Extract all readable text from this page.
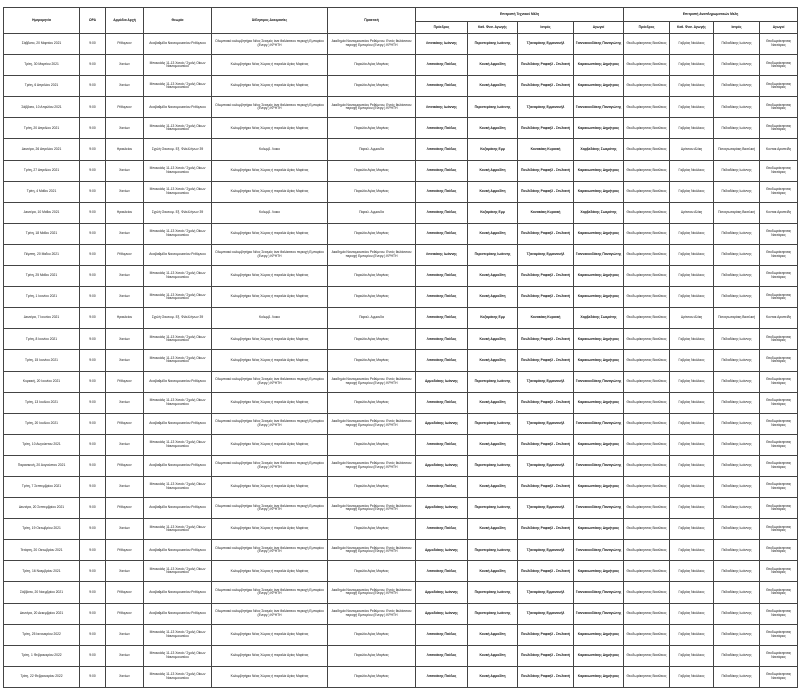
Ημερομηνία	ΩΡΑ	Αρμόδια Αρχή	Θεωρία	Άθλησιμος Δοκιμασίες	Πρακτική	Επιτροπή Τεχνικού Μέλη				Επιτροπή Αναπληρωματικών Μελη			
						Πρόεδρος	Καθ. Φυσ. Αγωγής	Ιατρός	Αγωγοί	Πρόεδρος	Καθ. Φυσ. Αγωγής	Ιατρός	Αγωγοί
Σάββατο, 20 Μαρτίου 2021	9:00	Ρέθυμνον	Αναβαθμίδα Ναυτομουσείου Ρεθύμνου	Ολυμπιακό κολυμβητήριο Νέος Σεισμός άνα θαλάσσιου περιοχή Εμπορίου (Ενεργ.) ΚΡΗΤΗ	Ακαδημία Ναυτομουσείου Ρεθύμνου. Εντός θαλάσσιου περιοχή Εμπορίου (Ενεργ.) ΚΡΗΤΗ	Λιτσικάκης Ιωάννης	Περιστεράκης Ιωάννης	Τζαναράκης Εμμανουήλ	Γιαννακουδάκης Παναγιώτης	Θεοδωράκησσας Βασίλειος	Γαβρίας Νικόλαος	Πεδιαδάκης Ιωάννης	Θεοδωράκησσας Νεκτάριος
Τρίτη, 30 Μαρτίου 2021	9:00	Χανίων	Μπουκάλη 11-13 Χανιά / Σχολή Οίκων Ναυτομουσείου	Κολυμβητήριο Νέας Χώρας ή παραλία Αγίας Μαρίνας	Παραλία Αγίας Μαρίνας	Λιτσικάκης Παύλος	Κουκή Αφροδίτη	Πουλιδάκης Ραφαήλ - Στυλιανή	Καρακωστάκης Δημήτριος	Θεοδωράκησσας Βασίλειος	Γαβρίας Νικόλαος	Πεδιαδάκης Ιωάννης	Θεοδωράκησσας Νεκτάριος
Τρίτη, 6 Απριλίου 2021	9:00	Χανίων	Μπουκάλη 11-13 Χανιά / Σχολή Οίκων Ναυτομουσείου	Κολυμβητήριο Νέας Χώρας ή παραλία Αγίας Μαρίνας	Παραλία Αγίας Μαρίνας	Λιτσικάκης Παύλος	Κουκή Αφροδίτη	Πουλιδάκης Ραφαήλ - Στυλιανή	Καρακωστάκης Δημήτριος	Θεοδωράκησσας Βασίλειος	Γαβρίας Νικόλαος	Πεδιαδάκης Ιωάννης	Θεοδωράκησσας Νεκτάριος
Σάββατο, 10 Απριλίου 2021	9:00	Ρέθυμνον	Αναβαθμίδα Ναυτομουσείου Ρεθύμνου	Ολυμπιακό κολυμβητήριο Νέος Σεισμός άνα θαλάσσιου περιοχή Εμπορίου (Ενεργ.) ΚΡΗΤΗ	Ακαδημία Ναυτομουσείου Ρεθύμνου. Εντός θαλάσσιου περιοχή Εμπορίου (Ενεργ.) ΚΡΗΤΗ	Λιτσικάκης Ιωάννης	Περιστεράκης Ιωάννης	Τζαναράκης Εμμανουήλ	Γιαννακουδάκης Παναγιώτης	Θεοδωράκησσας Βασίλειος	Γαβρίας Νικόλαος	Πεδιαδάκης Ιωάννης	Θεοδωράκησσας Νεκτάριος
Τρίτη, 20 Απριλίου 2021	9:00	Χανίων	Μπουκάλη 11-13 Χανιά / Σχολή Οίκων Ναυτομουσείου	Κολυμβητήριο Νέας Χώρας ή παραλία Αγίας Μαρίνας	Παραλία Αγίας Μαρίνας	Λιτσικάκης Παύλος	Κουκή Αφροδίτη	Πουλιδάκης Ραφαήλ - Στυλιανή	Καρακωστάκης Δημήτριος	Θεοδωράκησσας Βασίλειος	Γαβρίας Νικόλαος	Πεδιαδάκης Ιωάννης	Θεοδωράκησσας Νεκτάριος
Δευτέρα, 26 Απριλίου 2021	9:00	Ηρακλείου	Σχολή Οικονομ. Εξ. Φιλελλήνων 39	Κολυμβ. Λυκιο	Παραλ. Αμμουδα	Λιτσικάκης Παύλος	Καζαράκης Εμμ	Κονακάκη Κυριακή	Χαρβεδάκης Σωκράτης	Θεοδωράκησσας Βασίλειος	Δρίτσιου Αλίκη	Παναγιωταράκη Βασιλική	Κοντακ Αριστείδη
Τρίτη, 27 Απριλίου 2021	9:00	Χανίων	Μπουκάλη 11-13 Χανιά / Σχολή Οίκων Ναυτομουσείου	Κολυμβητήριο Νέας Χώρας ή παραλία Αγίας Μαρίνας	Παραλία Αγίας Μαρίνας	Λιτσικάκης Παύλος	Κουκή Αφροδίτη	Πουλιδάκης Ραφαήλ - Στυλιανή	Καρακωστάκης Δημήτριος	Θεοδωράκησσας Βασίλειος	Γαβρίας Νικόλαος	Πεδιαδάκης Ιωάννης	Θεοδωράκησσας Νεκτάριος
Τρίτη, 4 Μαΐου 2021	9:00	Χανίων	Μπουκάλη 11-13 Χανιά / Σχολή Οίκων Ναυτομουσείου	Κολυμβητήριο Νέας Χώρας ή παραλία Αγίας Μαρίνας	Παραλία Αγίας Μαρίνας	Λιτσικάκης Παύλος	Κουκή Αφροδίτη	Πουλιδάκης Ραφαήλ - Στυλιανή	Καρακωστάκης Δημήτριος	Θεοδωράκησσας Βασίλειος	Γαβρίας Νικόλαος	Πεδιαδάκης Ιωάννης	Θεοδωράκησσας Νεκτάριος
Δευτέρα, 10 Μαΐου 2021	9:00	Ηρακλείου	Σχολή Οικονομ. Εξ. Φιλελλήνων 39	Κολυμβ. Λυκιο	Παραλ. Αμμουδα	Λιτσικάκης Παύλος	Καζαράκης Εμμ	Κονακάκη Κυριακή	Χαρβεδάκης Σωκράτης	Θεοδωράκησσας Βασίλειος	Δρίτσιου Αλίκη	Παναγιωταράκη Βασιλική	Κοντακ Αριστείδη
Τρίτη, 18 Μαΐου 2021	9:00	Χανίων	Μπουκάλη 11-13 Χανιά / Σχολή Οίκων Ναυτομουσείου	Κολυμβητήριο Νέας Χώρας ή παραλία Αγίας Μαρίνας	Παραλία Αγίας Μαρίνας	Λιτσικάκης Παύλος	Κουκή Αφροδίτη	Πουλιδάκης Ραφαήλ - Στυλιανή	Καρακωστάκης Δημήτριος	Θεοδωράκησσας Βασίλειος	Γαβρίας Νικόλαος	Πεδιαδάκης Ιωάννης	Θεοδωράκησσας Νεκτάριος
Πέμπτη, 20 Μαΐου 2021	9:00	Ρέθυμνον	Αναβαθμίδα Ναυτομουσείου Ρεθύμνου	Ολυμπιακό κολυμβητήριο Νέος Σεισμός άνα θαλάσσιου περιοχή Εμπορίου (Ενεργ.) ΚΡΗΤΗ	Ακαδημία Ναυτομουσείου Ρεθύμνου. Εντός θαλάσσιου περιοχή Εμπορίου (Ενεργ.) ΚΡΗΤΗ	Λιτσικάκης Ιωάννης	Περιστεράκης Ιωάννης	Τζαναράκης Εμμανουήλ	Γιαννακουδάκης Παναγιώτης	Θεοδωράκησσας Βασίλειος	Γαβρίας Νικόλαος	Πεδιαδάκης Ιωάννης	Θεοδωράκησσας Νεκτάριος
Τρίτη, 25 Μαΐου 2021	9:00	Χανίων	Μπουκάλη 11-13 Χανιά / Σχολή Οίκων Ναυτομουσείου	Κολυμβητήριο Νέας Χώρας ή παραλία Αγίας Μαρίνας	Παραλία Αγίας Μαρίνας	Λιτσικάκης Παύλος	Κουκή Αφροδίτη	Πουλιδάκης Ραφαήλ - Στυλιανή	Καρακωστάκης Δημήτριος	Θεοδωράκησσας Βασίλειος	Γαβρίας Νικόλαος	Πεδιαδάκης Ιωάννης	Θεοδωράκησσας Νεκτάριος
Τρίτη, 1 Ιουνίου 2021	9:00	Χανίων	Μπουκάλη 11-13 Χανιά / Σχολή Οίκων Ναυτομουσείου	Κολυμβητήριο Νέας Χώρας ή παραλία Αγίας Μαρίνας	Παραλία Αγίας Μαρίνας	Λιτσικάκης Παύλος	Κουκή Αφροδίτη	Πουλιδάκης Ραφαήλ - Στυλιανή	Καρακωστάκης Δημήτριος	Θεοδωράκησσας Βασίλειος	Γαβρίας Νικόλαος	Πεδιαδάκης Ιωάννης	Θεοδωράκησσας Νεκτάριος
Δευτέρα, 7 Ιουνίου 2021	9:00	Ηρακλείου	Σχολή Οικονομ. Εξ. Φιλελλήνων 39	Κολυμβ. Λυκιο	Παραλ. Αμμουδα	Λιτσικάκης Παύλος	Καζαράκης Εμμ	Κονακάκη Κυριακή	Χαρβεδάκης Σωκράτης	Θεοδωράκησσας Βασίλειος	Δρίτσιου Αλίκη	Παναγιωταράκη Βασιλική	Κοντακ Αριστείδη
Τρίτη, 8 Ιουνίου 2021	9:00	Χανίων	Μπουκάλη 11-13 Χανιά / Σχολή Οίκων Ναυτομουσείου	Κολυμβητήριο Νέας Χώρας ή παραλία Αγίας Μαρίνας	Παραλία Αγίας Μαρίνας	Λιτσικάκης Παύλος	Κουκή Αφροδίτη	Πουλιδάκης Ραφαήλ - Στυλιανή	Καρακωστάκης Δημήτριος	Θεοδωράκησσας Βασίλειος	Γαβρίας Νικόλαος	Πεδιαδάκης Ιωάννης	Θεοδωράκησσας Νεκτάριος
Τρίτη, 15 Ιουνίου 2021	9:00	Χανίων	Μπουκάλη 11-13 Χανιά / Σχολή Οίκων Ναυτομουσείου	Κολυμβητήριο Νέας Χώρας ή παραλία Αγίας Μαρίνας	Παραλία Αγίας Μαρίνας	Λιτσικάκης Παύλος	Κουκή Αφροδίτη	Πουλιδάκης Ραφαήλ - Στυλιανή	Καρακωστάκης Δημήτριος	Θεοδωράκησσας Βασίλειος	Γαβρίας Νικόλαος	Πεδιαδάκης Ιωάννης	Θεοδωράκησσας Νεκτάριος
Κυριακή, 20 Ιουνίου 2021	9:00	Ρέθυμνον	Αναβαθμίδα Ναυτομουσείου Ρεθύμνου	Ολυμπιακό κολυμβητήριο Νέος Σεισμός άνα θαλάσσιου περιοχή Εμπορίου (Ενεργ.) ΚΡΗΤΗ	Ακαδημία Ναυτομουσείου Ρεθύμνου. Εντός θαλάσσιου περιοχή Εμπορίου (Ενεργ.) ΚΡΗΤΗ	Αρμοδιάκης Ιωάννης	Περιστεράκης Ιωάννης	Τζαναράκης Εμμανουήλ	Γιαννακουδάκης Παναγιώτης	Θεοδωράκησσας Βασίλειος	Γαβρίας Νικόλαος	Πεδιαδάκης Ιωάννης	Θεοδωράκησσας Νεκτάριος
Τρίτη, 13 Ιουλίου 2021	9:00	Χανίων	Μπουκάλη 11-13 Χανιά / Σχολή Οίκων Ναυτομουσείου	Κολυμβητήριο Νέας Χώρας ή παραλία Αγίας Μαρίνας	Παραλία Αγίας Μαρίνας	Λιτσικάκης Παύλος	Κουκή Αφροδίτη	Πουλιδάκης Ραφαήλ - Στυλιανή	Καρακωστάκης Δημήτριος	Θεοδωράκησσας Βασίλειος	Γαβρίας Νικόλαος	Πεδιαδάκης Ιωάννης	Θεοδωράκησσας Νεκτάριος
Τρίτη, 20 Ιουλίου 2021	9:00	Ρέθυμνον	Αναβαθμίδα Ναυτομουσείου Ρεθύμνου	Ολυμπιακό κολυμβητήριο Νέος Σεισμός άνα θαλάσσιου περιοχή Εμπορίου (Ενεργ.) ΚΡΗΤΗ	Ακαδημία Ναυτομουσείου Ρεθύμνου. Εντός θαλάσσιου περιοχή Εμπορίου (Ενεργ.) ΚΡΗΤΗ	Αρμοδιάκης Ιωάννης	Περιστεράκης Ιωάννης	Τζαναράκης Εμμανουήλ	Γιαννακουδάκης Παναγιώτης	Θεοδωράκησσας Βασίλειος	Γαβρίας Νικόλαος	Πεδιαδάκης Ιωάννης	Θεοδωράκησσας Νεκτάριος
Τρίτη, 10 Αυγούστου 2021	9:00	Χανίων	Μπουκάλη 11-13 Χανιά / Σχολή Οίκων Ναυτομουσείου	Κολυμβητήριο Νέας Χώρας ή παραλία Αγίας Μαρίνας	Παραλία Αγίας Μαρίνας	Λιτσικάκης Παύλος	Κουκή Αφροδίτη	Πουλιδάκης Ραφαήλ - Στυλιανή	Καρακωστάκης Δημήτριος	Θεοδωράκησσας Βασίλειος	Γαβρίας Νικόλαος	Πεδιαδάκης Ιωάννης	Θεοδωράκησσας Νεκτάριος
Παρασκευή, 20 Αυγούστου 2021	9:00	Ρέθυμνον	Αναβαθμίδα Ναυτομουσείου Ρεθύμνου	Ολυμπιακό κολυμβητήριο Νέος Σεισμός άνα θαλάσσιου περιοχή Εμπορίου (Ενεργ.) ΚΡΗΤΗ	Ακαδημία Ναυτομουσείου Ρεθύμνου. Εντός θαλάσσιου περιοχή Εμπορίου (Ενεργ.) ΚΡΗΤΗ	Αρμοδιάκης Ιωάννης	Περιστεράκης Ιωάννης	Τζαναράκης Εμμανουήλ	Γιαννακουδάκης Παναγιώτης	Θεοδωράκησσας Βασίλειος	Γαβρίας Νικόλαος	Πεδιαδάκης Ιωάννης	Θεοδωράκησσας Νεκτάριος
Τρίτη, 7 Σεπτεμβρίου 2021	9:00	Χανίων	Μπουκάλη 11-13 Χανιά / Σχολή Οίκων Ναυτομουσείου	Κολυμβητήριο Νέας Χώρας ή παραλία Αγίας Μαρίνας	Παραλία Αγίας Μαρίνας	Λιτσικάκης Παύλος	Κουκή Αφροδίτη	Πουλιδάκης Ραφαήλ - Στυλιανή	Καρακωστάκης Δημήτριος	Θεοδωράκησσας Βασίλειος	Γαβρίας Νικόλαος	Πεδιαδάκης Ιωάννης	Θεοδωράκησσας Νεκτάριος
Δευτέρα, 20 Σεπτεμβρίου 2021	9:00	Ρέθυμνον	Αναβαθμίδα Ναυτομουσείου Ρεθύμνου	Ολυμπιακό κολυμβητήριο Νέος Σεισμός άνα θαλάσσιου περιοχή Εμπορίου (Ενεργ.) ΚΡΗΤΗ	Ακαδημία Ναυτομουσείου Ρεθύμνου. Εντός θαλάσσιου περιοχή Εμπορίου (Ενεργ.) ΚΡΗΤΗ	Αρμοδιάκης Ιωάννης	Περιστεράκης Ιωάννης	Τζαναράκης Εμμανουήλ	Γιαννακουδάκης Παναγιώτης	Θεοδωράκησσας Βασίλειος	Γαβρίας Νικόλαος	Πεδιαδάκης Ιωάννης	Θεοδωράκησσας Νεκτάριος
Τρίτη, 19 Οκτωβρίου 2021	9:00	Χανίων	Μπουκάλη 11-13 Χανιά / Σχολή Οίκων Ναυτομουσείου	Κολυμβητήριο Νέας Χώρας ή παραλία Αγίας Μαρίνας	Παραλία Αγίας Μαρίνας	Λιτσικάκης Παύλος	Κουκή Αφροδίτη	Πουλιδάκης Ραφαήλ - Στυλιανή	Καρακωστάκης Δημήτριος	Θεοδωράκησσας Βασίλειος	Γαβρίας Νικόλαος	Πεδιαδάκης Ιωάννης	Θεοδωράκησσας Νεκτάριος
Τετάρτη, 20 Οκτωβρίου 2021	9:00	Ρέθυμνον	Αναβαθμίδα Ναυτομουσείου Ρεθύμνου	Ολυμπιακό κολυμβητήριο Νέος Σεισμός άνα θαλάσσιου περιοχή Εμπορίου (Ενεργ.) ΚΡΗΤΗ	Ακαδημία Ναυτομουσείου Ρεθύμνου. Εντός θαλάσσιου περιοχή Εμπορίου (Ενεργ.) ΚΡΗΤΗ	Αρμοδιάκης Ιωάννης	Περιστεράκης Ιωάννης	Τζαναράκης Εμμανουήλ	Γιαννακουδάκης Παναγιώτης	Θεοδωράκησσας Βασίλειος	Γαβρίας Νικόλαος	Πεδιαδάκης Ιωάννης	Θεοδωράκησσας Νεκτάριος
Τρίτη, 16 Νοεμβρίου 2021	9:00	Χανίων	Μπουκάλη 11-13 Χανιά / Σχολή Οίκων Ναυτομουσείου	Κολυμβητήριο Νέας Χώρας ή παραλία Αγίας Μαρίνας	Παραλία Αγίας Μαρίνας	Λιτσικάκης Παύλος	Κουκή Αφροδίτη	Πουλιδάκης Ραφαήλ - Στυλιανή	Καρακωστάκης Δημήτριος	Θεοδωράκησσας Βασίλειος	Γαβρίας Νικόλαος	Πεδιαδάκης Ιωάννης	Θεοδωράκησσας Νεκτάριος
Σάββατο, 20 Νοεμβρίου 2021	9:00	Ρέθυμνον	Αναβαθμίδα Ναυτομουσείου Ρεθύμνου	Ολυμπιακό κολυμβητήριο Νέος Σεισμός άνα θαλάσσιου περιοχή Εμπορίου (Ενεργ.) ΚΡΗΤΗ	Ακαδημία Ναυτομουσείου Ρεθύμνου. Εντός θαλάσσιου περιοχή Εμπορίου (Ενεργ.) ΚΡΗΤΗ	Αρμοδιάκης Ιωάννης	Περιστεράκης Ιωάννης	Τζαναράκης Εμμανουήλ	Γιαννακουδάκης Παναγιώτης	Θεοδωράκησσας Βασίλειος	Γαβρίας Νικόλαος	Πεδιαδάκης Ιωάννης	Θεοδωράκησσας Νεκτάριος
Δευτέρα, 20 Δεκεμβρίου 2021	9:00	Ρέθυμνον	Αναβαθμίδα Ναυτομουσείου Ρεθύμνου	Ολυμπιακό κολυμβητήριο Νέος Σεισμός άνα θαλάσσιου περιοχή Εμπορίου (Ενεργ.) ΚΡΗΤΗ	Ακαδημία Ναυτομουσείου Ρεθύμνου. Εντός θαλάσσιου περιοχή Εμπορίου (Ενεργ.) ΚΡΗΤΗ	Αρμοδιάκης Ιωάννης	Περιστεράκης Ιωάννης	Τζαναράκης Εμμανουήλ	Γιαννακουδάκης Παναγιώτης	Θεοδωράκησσας Βασίλειος	Γαβρίας Νικόλαος	Πεδιαδάκης Ιωάννης	Θεοδωράκησσας Νεκτάριος
Τρίτη, 25 Ιανουαρίου 2022	9:00	Χανίων	Μπουκάλη 11-13 Χανιά / Σχολή Οίκων Ναυτομουσείου	Κολυμβητήριο Νέας Χώρας ή παραλία Αγίας Μαρίνας	Παραλία Αγίας Μαρίνας	Λιτσικάκης Παύλος	Κουκή Αφροδίτη	Πουλιδάκης Ραφαήλ - Στυλιανή	Καρακωστάκης Δημήτριος	Θεοδωράκησσας Βασίλειος	Γαβρίας Νικόλαος	Πεδιαδάκης Ιωάννης	Θεοδωράκησσας Νεκτάριος
Τρίτη, 1 Φεβρουαρίου 2022	9:00	Χανίων	Μπουκάλη 11-13 Χανιά / Σχολή Οίκων Ναυτομουσείου	Κολυμβητήριο Νέας Χώρας ή παραλία Αγίας Μαρίνας	Παραλία Αγίας Μαρίνας	Λιτσικάκης Παύλος	Κουκή Αφροδίτη	Πουλιδάκης Ραφαήλ - Στυλιανή	Καρακωστάκης Δημήτριος	Θεοδωράκησσας Βασίλειος	Γαβρίας Νικόλαος	Πεδιαδάκης Ιωάννης	Θεοδωράκησσας Νεκτάριος
Τρίτη, 22 Φεβρουαρίου 2022	9:00	Χανίων	Μπουκάλη 11-13 Χανιά / Σχολή Οίκων Ναυτομουσείου	Κολυμβητήριο Νέας Χώρας ή παραλία Αγίας Μαρίνας	Παραλία Αγίας Μαρίνας	Λιτσικάκης Παύλος	Κουκή Αφροδίτη	Πουλιδάκης Ραφαήλ - Στυλιανή	Καρακωστάκης Δημήτριος	Θεοδωράκησσας Βασίλειος	Γαβρίας Νικόλαος	Πεδιαδάκης Ιωάννης	Θεοδωράκησσας Νεκτάριος
